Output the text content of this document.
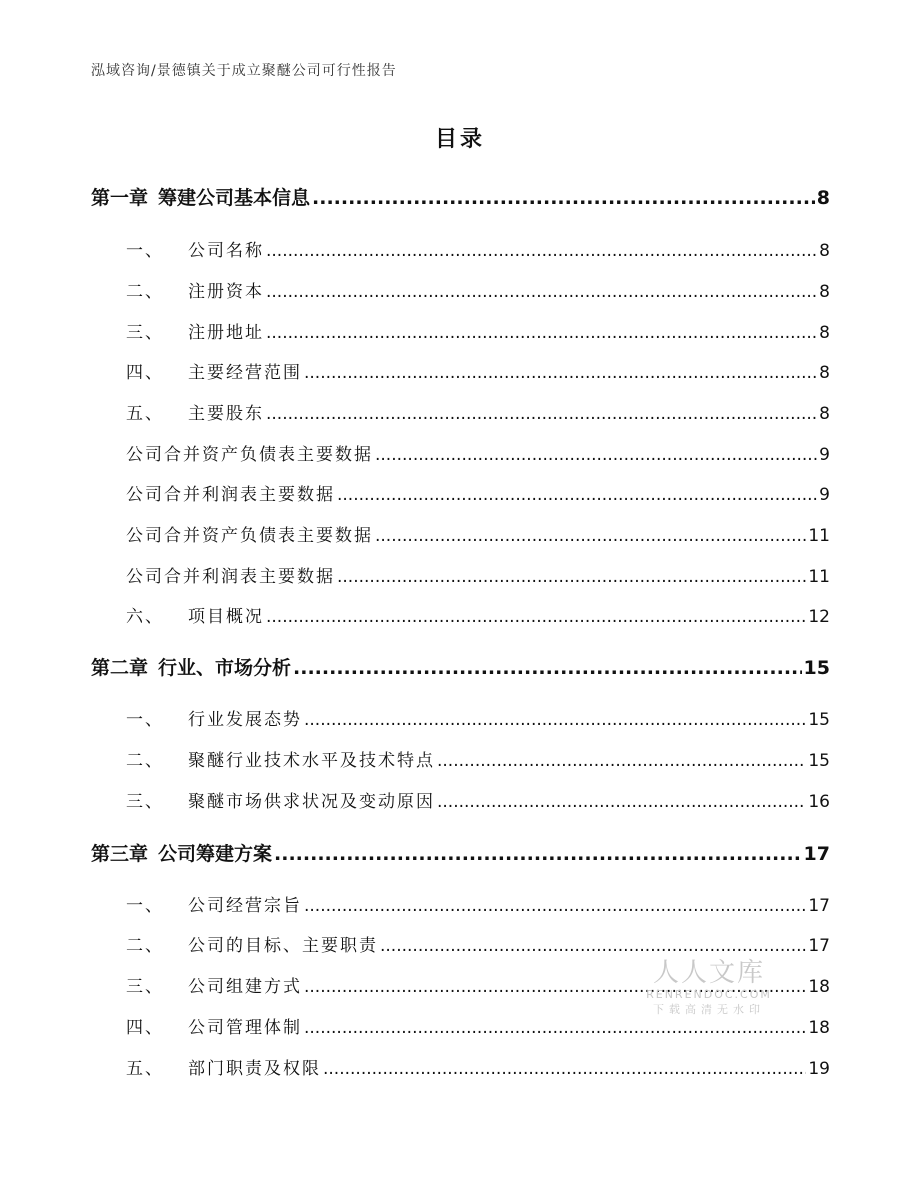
泓域咨询/景德镇关于成立聚醚公司可行性报告
目录
第一章 筹建公司基本信息 .....	8
一、 公司名称 .....	8
二、 注册资本 .....	8
三、 注册地址 .....	8
四、 主要经营范围 .....	8
五、 主要股东 .....	8
公司合并资产负债表主要数据 .....	9
公司合并利润表主要数据 .....	9
公司合并资产负债表主要数据 .....	11
公司合并利润表主要数据 .....	11
六、 项目概况 .....	12
第二章 行业、市场分析 .....	15
一、 行业发展态势 .....	15
二、 聚醚行业技术水平及技术特点 .....	15
三、 聚醚市场供求状况及变动原因 .....	16
第三章 公司筹建方案 .....	17
一、 公司经营宗旨 .....	17
二、 公司的目标、主要职责 .....	17
三、 公司组建方式 .....	18
四、 公司管理体制 .....	18
五、 部门职责及权限 .....	19
人人文库
RENRENDOC.COM
下载高清无水印
